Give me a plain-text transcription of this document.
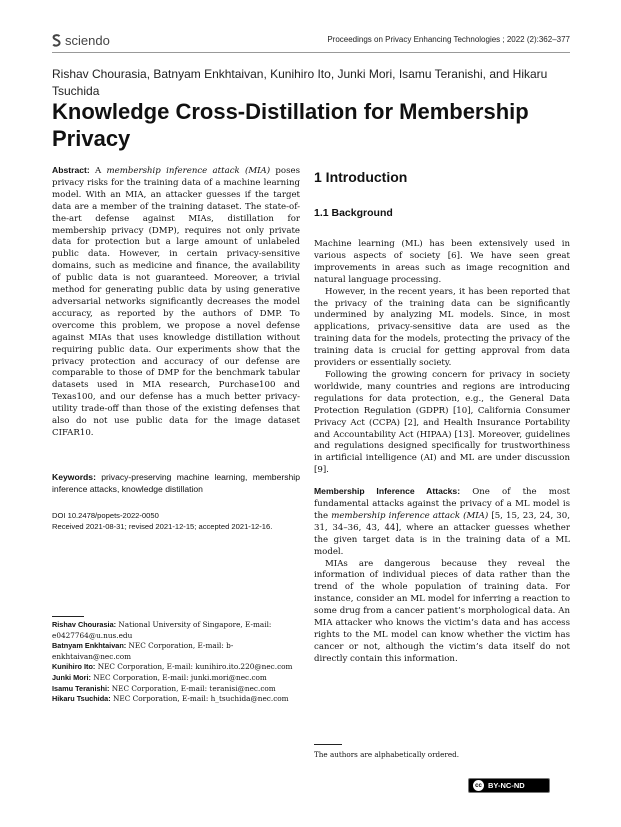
sciendo	Proceedings on Privacy Enhancing Technologies ; 2022 (2):362–377
Rishav Chourasia, Batnyam Enkhtaivan, Kunihiro Ito, Junki Mori, Isamu Teranishi, and Hikaru Tsuchida
Knowledge Cross-Distillation for Membership Privacy
Abstract: A membership inference attack (MIA) poses privacy risks for the training data of a machine learning model. With an MIA, an attacker guesses if the target data are a member of the training dataset. The state-of-the-art defense against MIAs, distillation for membership privacy (DMP), requires not only private data for protection but a large amount of unlabeled public data. However, in certain privacy-sensitive domains, such as medicine and finance, the availability of public data is not guaranteed. Moreover, a trivial method for generating public data by using generative adversarial networks significantly decreases the model accuracy, as reported by the authors of DMP. To overcome this problem, we propose a novel defense against MIAs that uses knowledge distillation without requiring public data. Our experiments show that the privacy protection and accuracy of our defense are comparable to those of DMP for the benchmark tabular datasets used in MIA research, Purchase100 and Texas100, and our defense has a much better privacy-utility trade-off than those of the existing defenses that also do not use public data for the image dataset CIFAR10.
Keywords: privacy-preserving machine learning, membership inference attacks, knowledge distillation
DOI 10.2478/popets-2022-0050
Received 2021-08-31; revised 2021-12-15; accepted 2021-12-16.
Rishav Chourasia: National University of Singapore, E-mail: e0427764@u.nus.edu
Batnyam Enkhtaivan: NEC Corporation, E-mail: b-enkhtaivan@nec.com
Kunihiro Ito: NEC Corporation, E-mail: kunihiro.ito.220@nec.com
Junki Mori: NEC Corporation, E-mail: junki.mori@nec.com
Isamu Teranishi: NEC Corporation, E-mail: teranisi@nec.com
Hikaru Tsuchida: NEC Corporation, E-mail: h_tsuchida@nec.com
1 Introduction
1.1 Background

Machine learning (ML) has been extensively used in various aspects of society [6]. We have seen great improvements in areas such as image recognition and natural language processing.

However, in the recent years, it has been reported that the privacy of the training data can be significantly undermined by analyzing ML models. Since, in most applications, privacy-sensitive data are used as the training data for the models, protecting the privacy of the training data is crucial for getting approval from data providers or essentially society.

Following the growing concern for privacy in society worldwide, many countries and regions are introducing regulations for data protection, e.g., the General Data Protection Regulation (GDPR) [10], California Consumer Privacy Act (CCPA) [2], and Health Insurance Portability and Accountability Act (HIPAA) [13]. Moreover, guidelines and regulations designed specifically for trustworthiness in artificial intelligence (AI) and ML are under discussion [9].

Membership Inference Attacks: One of the most fundamental attacks against the privacy of a ML model is the membership inference attack (MIA) [5, 15, 23, 24, 30, 31, 34–36, 43, 44], where an attacker guesses whether the given target data is in the training data of a ML model.

MIAs are dangerous because they reveal the information of individual pieces of data rather than the trend of the whole population of training data. For instance, consider an ML model for inferring a reaction to some drug from a cancer patient’s morphological data. An MIA attacker who knows the victim’s data and has access rights to the ML model can know whether the victim has cancer or not, although the victim’s data itself do not directly contain this information.

The authors are alphabetically ordered.
cc BY-NC-ND
